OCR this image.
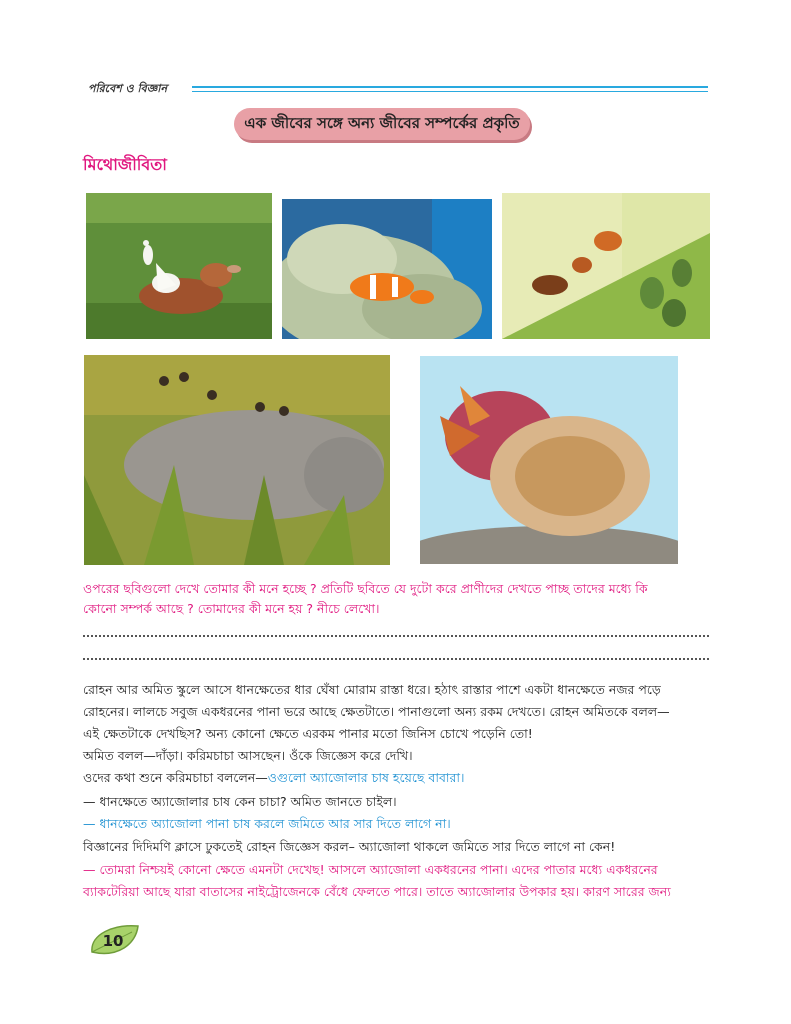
পরিবেশ ও বিজ্ঞান
এক জীবের সঙ্গে অন্য জীবের সম্পর্কের প্রকৃতি
মিথোজীবিতা
ওপরের ছবিগুলো দেখে তোমার কী মনে হচ্ছে ? প্রতিটি ছবিতে যে দুটো করে প্রাণীদের দেখতে পাচ্ছ তাদের মধ্যে কি
কোনো সম্পর্ক আছে ? তোমাদের কী মনে হয় ? নীচে লেখো।
রোহন আর অমিত স্কুলে আসে ধানক্ষেতের ধার ঘেঁষা মোরাম রাস্তা ধরে। হঠাৎ রাস্তার পাশে একটা ধানক্ষেতে নজর পড়ে
রোহনের। লালচে সবুজ একধরনের পানা ভরে আছে ক্ষেতটাতে। পানাগুলো অন্য রকম দেখতে। রোহন অমিতকে বলল—
এই ক্ষেতটাকে দেখছিস? অন্য কোনো ক্ষেতে এরকম পানার মতো জিনিস চোখে পড়েনি তো!
অমিত বলল—দাঁড়া। করিমচাচা আসছেন। ওঁকে জিজ্ঞেস করে দেখি।
ওদের কথা শুনে করিমচাচা বললেন—ওগুলো অ্যাজোলার চাষ হয়েছে বাবারা।
— ধানক্ষেতে অ্যাজোলার চাষ কেন চাচা? অমিত জানতে চাইল।
— ধানক্ষেতে অ্যাজোলা পানা চাষ করলে জমিতে আর সার দিতে লাগে না।
বিজ্ঞানের দিদিমণি ক্লাসে ঢুকতেই রোহন জিজ্ঞেস করল– অ্যাজোলা থাকলে জমিতে সার দিতে লাগে না কেন!
— তোমরা নিশ্চয়ই কোনো ক্ষেতে এমনটা দেখেছ! আসলে অ্যাজোলা একধরনের পানা। এদের পাতার মধ্যে একধরনের
ব্যাকটেরিয়া আছে যারা বাতাসের নাইট্রোজেনকে বেঁধে ফেলতে পারে। তাতে অ্যাজোলার উপকার হয়। কারণ সারের জন্য
10
